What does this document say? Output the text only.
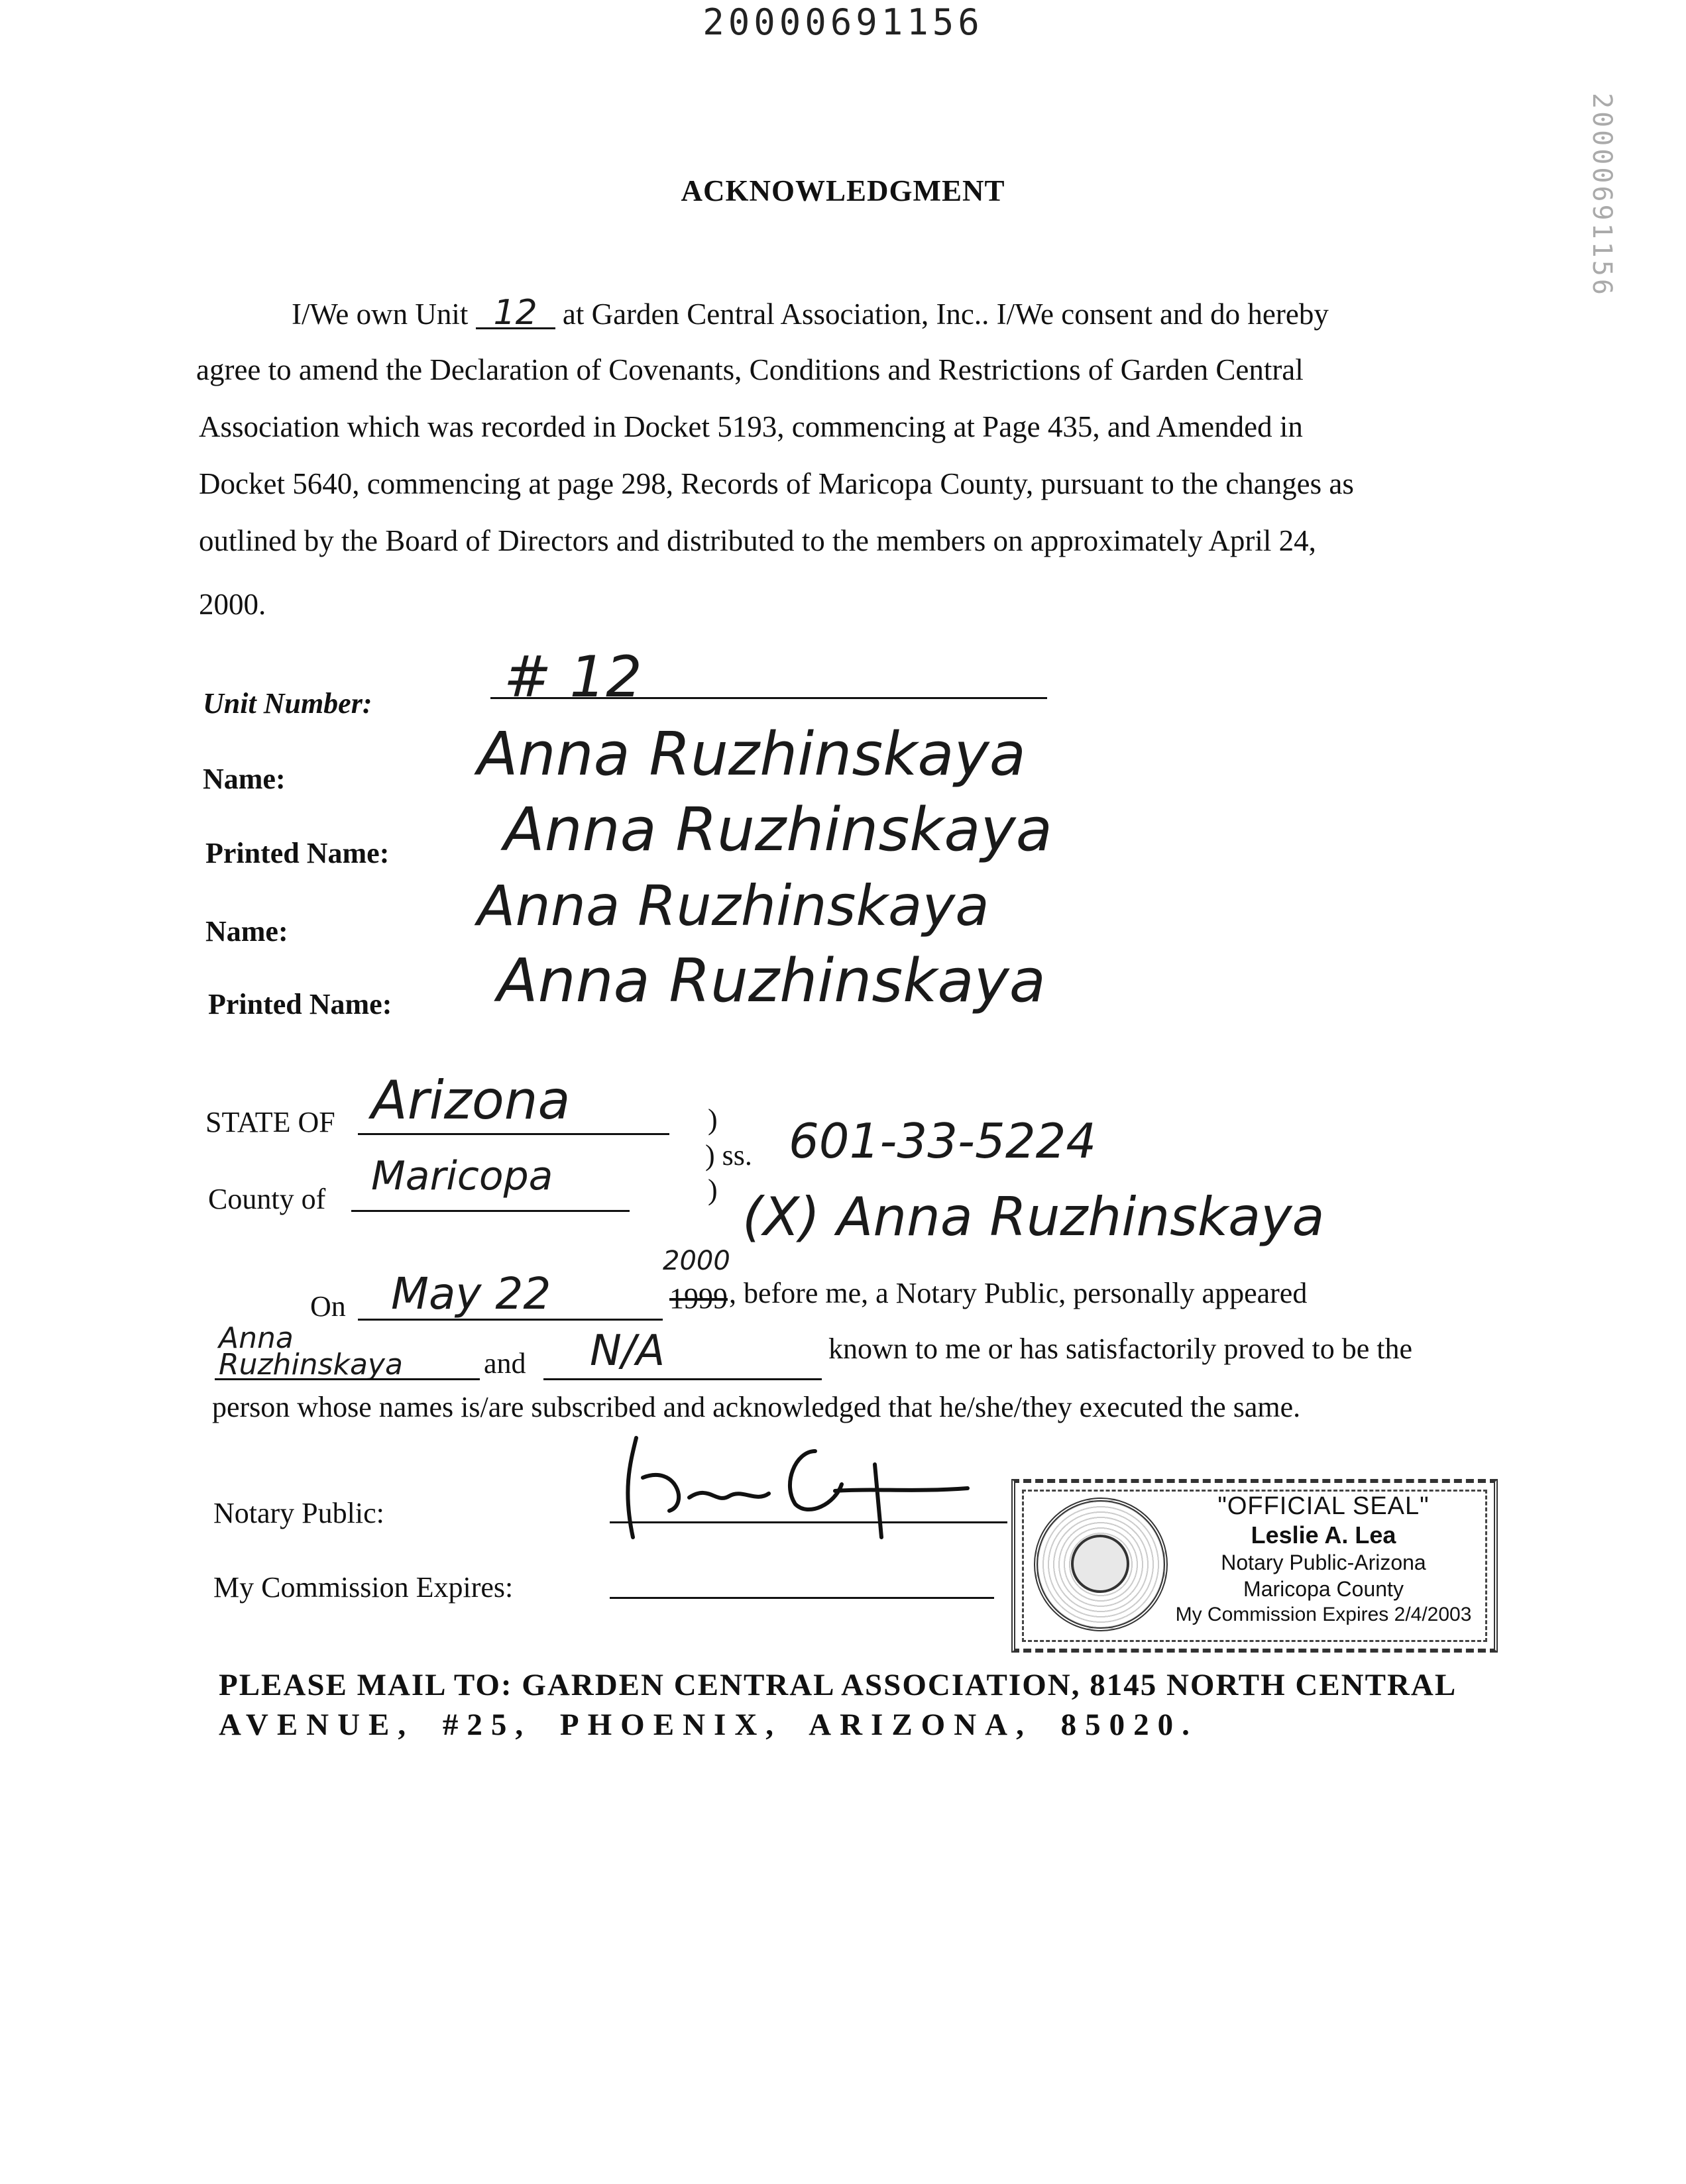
20000691156
20000691156
ACKNOWLEDGMENT
I/We own Unit 12 at Garden Central Association, Inc.. I/We consent and do hereby
agree to amend the Declaration of Covenants, Conditions and Restrictions of Garden Central
Association which was recorded in Docket 5193, commencing at Page 435, and Amended in
Docket 5640, commencing at page 298, Records of Maricopa County, pursuant to the changes as
outlined by the Board of Directors and distributed to the members on approximately April 24,
2000.
Unit Number: # 12
Name:	Anna Ruzhinskaya
Printed Name: Anna Ruzhinskaya
Name:	Anna Ruzhinskaya
Printed Name: Anna Ruzhinskaya
STATE OF Arizona	)
) ss. 601-33-5224
County of Maricopa	) (X) Anna Ruzhinskaya
On May 22
2000
1999 , before me, a Notary Public, personally appeared
Anna Ruzhinskaya	and N/A	known to me or has satisfactorily proved to be the
person whose names is/are subscribed and acknowledged that he/she/they executed the same.
Notary Public:
My Commission Expires:
"OFFICIAL SEAL"
Leslie A. Lea
Notary Public-Arizona
Maricopa County
My Commission Expires 2/4/2003
PLEASE MAIL TO: GARDEN CENTRAL ASSOCIATION, 8145 NORTH CENTRAL
AVENUE, #25, PHOENIX, ARIZONA, 85020.
